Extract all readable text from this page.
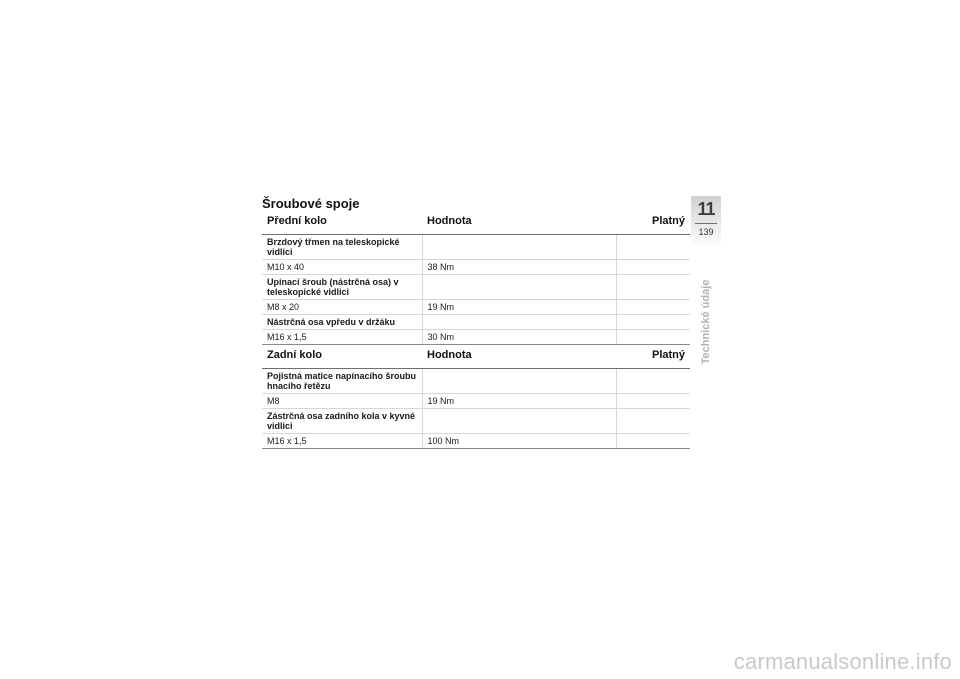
Šroubové spoje
Přední kolo	Hodnota	Platný
Brzdový třmen na teleskopické vidlici		
M10 x 40	38 Nm	
Upínací šroub (nástrčná osa) v teleskopické vidlici		
M8 x 20	19 Nm	
Nástrčná osa vpředu v držáku		
M16 x 1,5	30 Nm	
Zadní kolo	Hodnota	Platný
Pojistná matice napínacího šroubu hnacího řetězu		
M8	19 Nm	
Zástrčná osa zadního kola v kyvné vidlici		
M16 x 1,5	100 Nm	
11
139
Technické údaje
carmanualsonline.info
